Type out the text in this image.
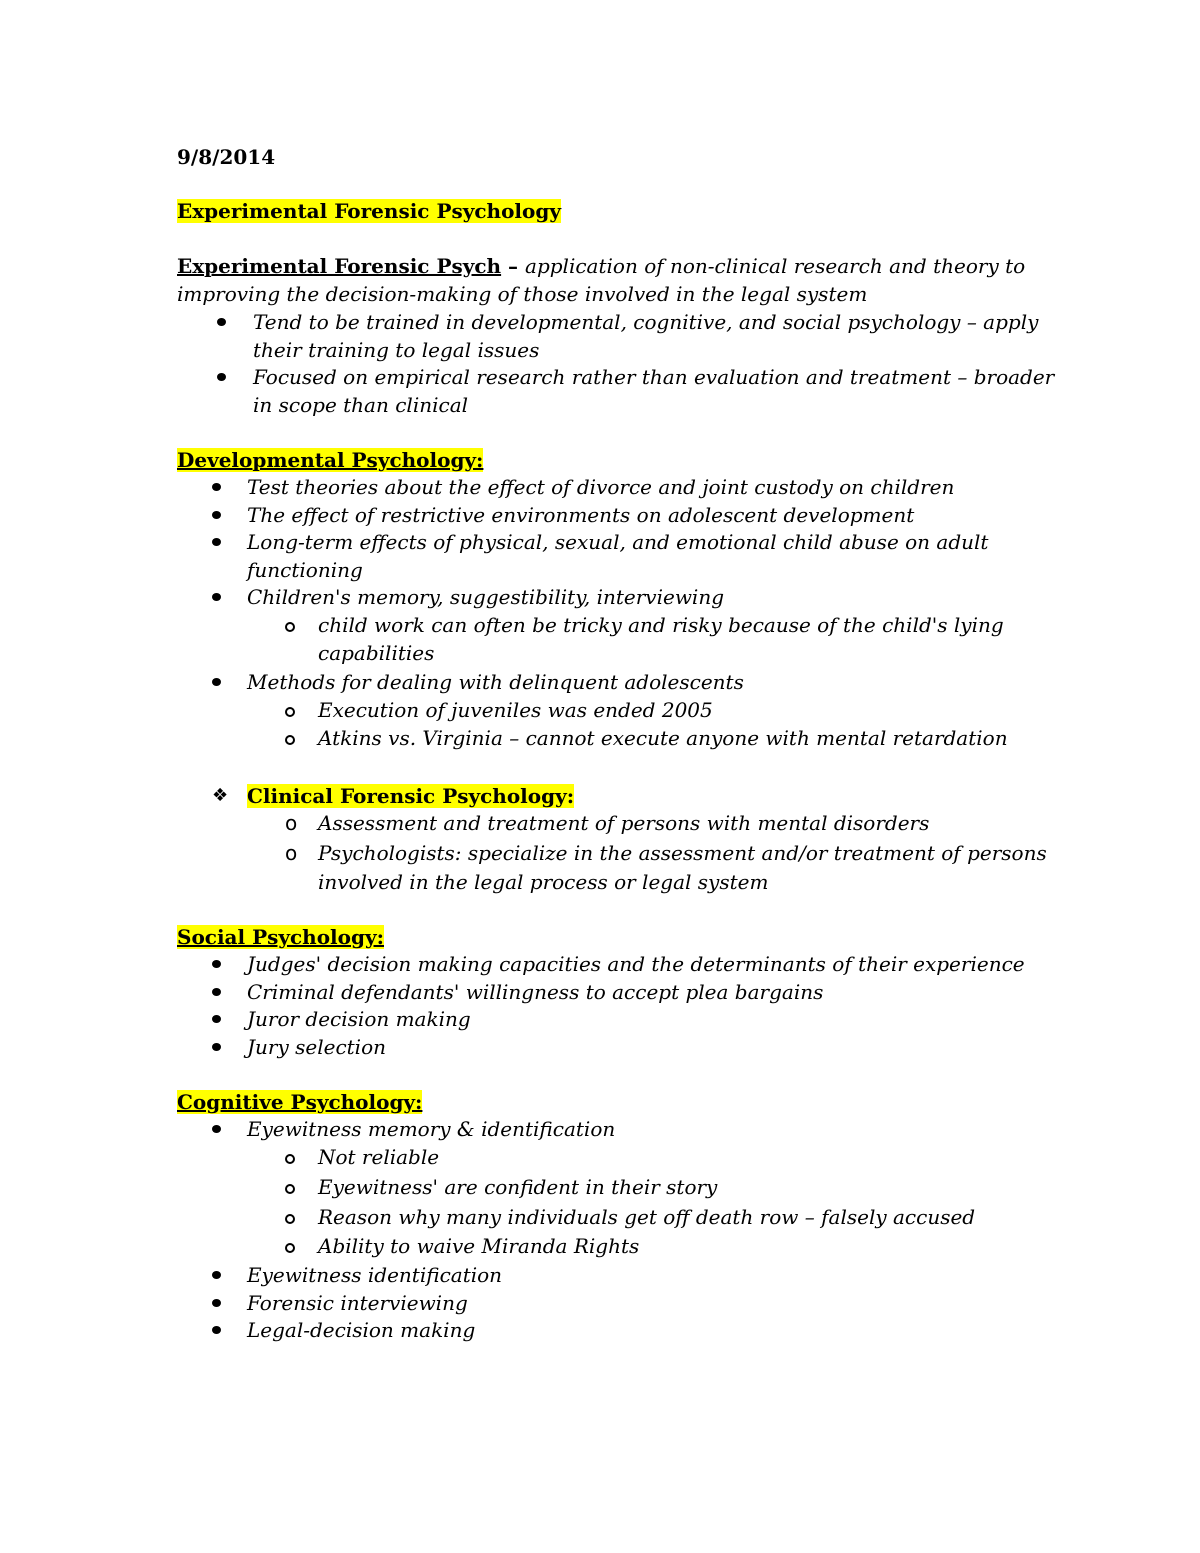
9/8/2014
Experimental Forensic Psychology
Experimental Forensic Psych – application of non-clinical research and theory to
improving the decision-making of those involved in the legal system
Tend to be trained in developmental, cognitive, and social psychology – apply
their training to legal issues
Focused on empirical research rather than evaluation and treatment – broader
in scope than clinical
Developmental Psychology:
Test theories about the effect of divorce and joint custody on children
The effect of restrictive environments on adolescent development
Long-term effects of physical, sexual, and emotional child abuse on adult
functioning
Children's memory, suggestibility, interviewing
child work can often be tricky and risky because of the child's lying
capabilities
Methods for dealing with delinquent adolescents
Execution of juveniles was ended 2005
Atkins vs. Virginia – cannot execute anyone with mental retardation
❖ Clinical Forensic Psychology:
o Assessment and treatment of persons with mental disorders
o Psychologists: specialize in the assessment and/or treatment of persons
involved in the legal process or legal system
Social Psychology:
Judges' decision making capacities and the determinants of their experience
Criminal defendants' willingness to accept plea bargains
Juror decision making
Jury selection
Cognitive Psychology:
Eyewitness memory & identification
Not reliable
Eyewitness' are confident in their story
Reason why many individuals get off death row – falsely accused
Ability to waive Miranda Rights
Eyewitness identification
Forensic interviewing
Legal-decision making
